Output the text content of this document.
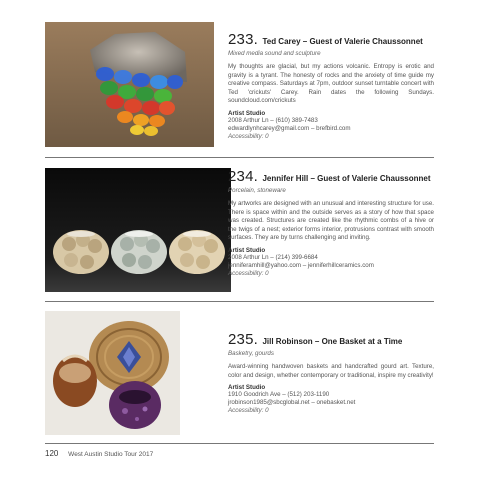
233. Ted Carey – Guest of Valerie Chaussonnet
Mixed media sound and sculpture
My thoughts are glacial, but my actions volcanic. Entropy is erotic and gravity is a tyrant. The honesty of rocks and the anxiety of time guide my creative compass. Saturdays at 7pm, outdoor sunset turntable concert with Ted 'crickuts' Carey. Rain dates the following Sundays. soundcloud.com/crickuts
Artist Studio
2008 Arthur Ln – (610) 389-7483
edwardlynhcarey@gmail.com – brefbird.com
Accessibility: 0
234. Jennifer Hill – Guest of Valerie Chaussonnet
Porcelain, stoneware
My artworks are designed with an unusual and interesting structure for use. There is space within and the outside serves as a story of how that space was created. Structures are created like the rhythmic combs of a hive or the twigs of a nest; exterior forms interior, protrusions contrast with smooth surfaces. They are by turns challenging and inviting.
Artist Studio
2008 Arthur Ln – (214) 399-6684
jenniferamhill@yahoo.com – jenniferhillceramics.com
Accessibility: 0
235. Jill Robinson – One Basket at a Time
Basketry, gourds
Award-winning handwoven baskets and handcrafted gourd art. Texture, color and design, whether contemporary or traditional, inspire my creativity!
Artist Studio
1910 Goodrich Ave – (512) 203-1190
jrobinson1985@sbcglobal.net – onebasket.net
Accessibility: 0
120 West Austin Studio Tour 2017
